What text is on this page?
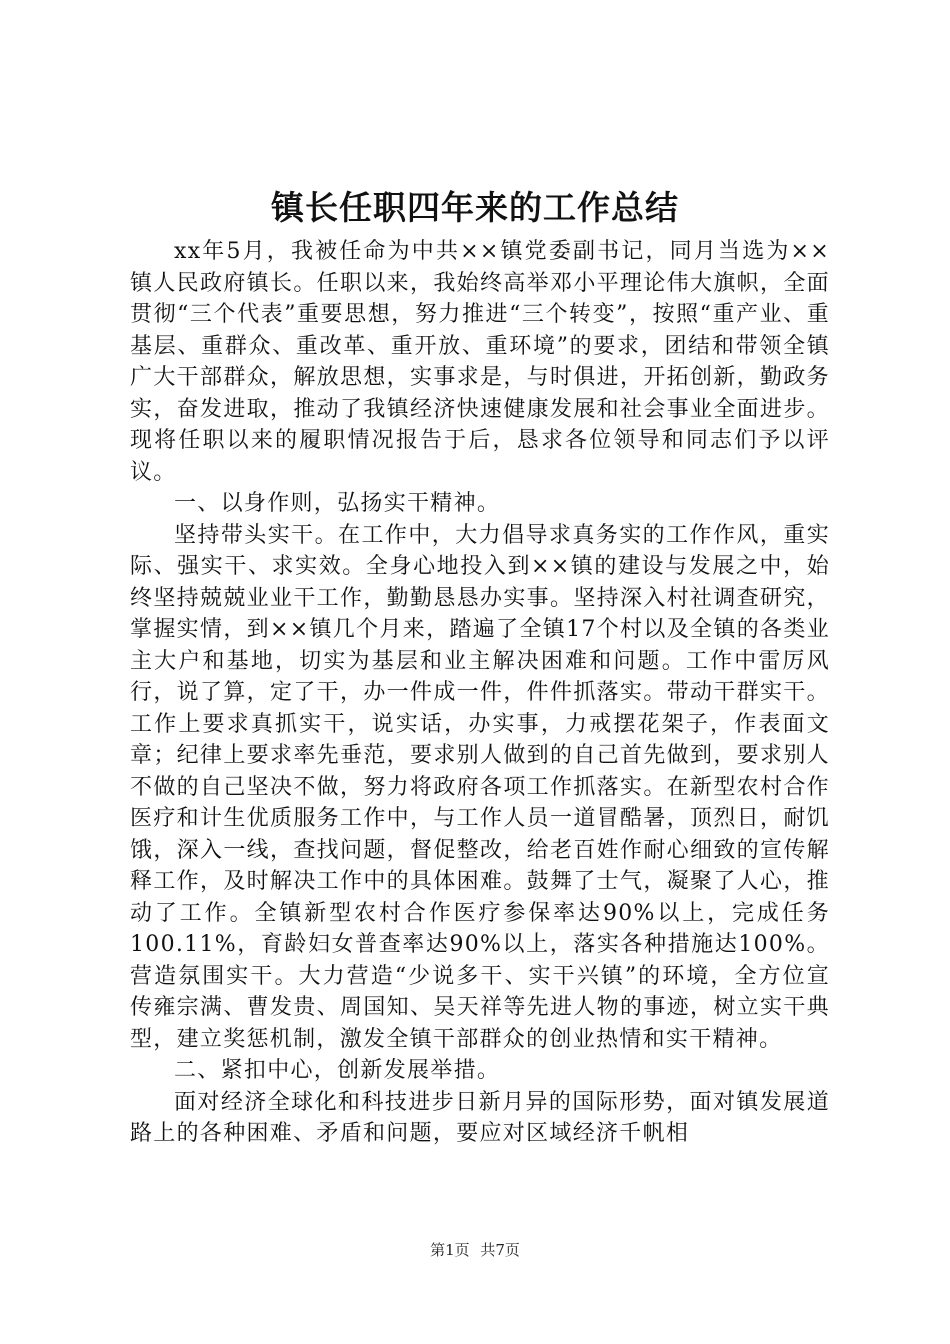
镇长任职四年来的工作总结

xx年5月，我被任命为中共××镇党委副书记，同月当选为××镇人民政府镇长。任职以来，我始终高举邓小平理论伟大旗帜，全面贯彻“三个代表”重要思想，努力推进“三个转变”，按照“重产业、重基层、重群众、重改革、重开放、重环境”的要求，团结和带领全镇广大干部群众，解放思想，实事求是，与时俱进，开拓创新，勤政务实，奋发进取，推动了我镇经济快速健康发展和社会事业全面进步。现将任职以来的履职情况报告于后，恳求各位领导和同志们予以评议。

一、以身作则，弘扬实干精神。

坚持带头实干。在工作中，大力倡导求真务实的工作作风，重实际、强实干、求实效。全身心地投入到××镇的建设与发展之中，始终坚持兢兢业业干工作，勤勤恳恳办实事。坚持深入村社调查研究，掌握实情，到××镇几个月来，踏遍了全镇17个村以及全镇的各类业主大户和基地，切实为基层和业主解决困难和问题。工作中雷厉风行，说了算，定了干，办一件成一件，件件抓落实。带动干群实干。工作上要求真抓实干，说实话，办实事，力戒摆花架子，作表面文章；纪律上要求率先垂范，要求别人做到的自己首先做到，要求别人不做的自己坚决不做，努力将政府各项工作抓落实。在新型农村合作医疗和计生优质服务工作中，与工作人员一道冒酷暑，顶烈日，耐饥饿，深入一线，查找问题，督促整改，给老百姓作耐心细致的宣传解释工作，及时解决工作中的具体困难。鼓舞了士气，凝聚了人心，推动了工作。全镇新型农村合作医疗参保率达90%以上，完成任务100.11%，育龄妇女普查率达90%以上，落实各种措施达100%。营造氛围实干。大力营造“少说多干、实干兴镇”的环境，全方位宣传雍宗满、曹发贵、周国知、吴天祥等先进人物的事迹，树立实干典型，建立奖惩机制，激发全镇干部群众的创业热情和实干精神。

二、紧扣中心，创新发展举措。

面对经济全球化和科技进步日新月异的国际形势，面对镇发展道路上的各种困难、矛盾和问题，要应对区域经济千帆相

第1页 共7页
